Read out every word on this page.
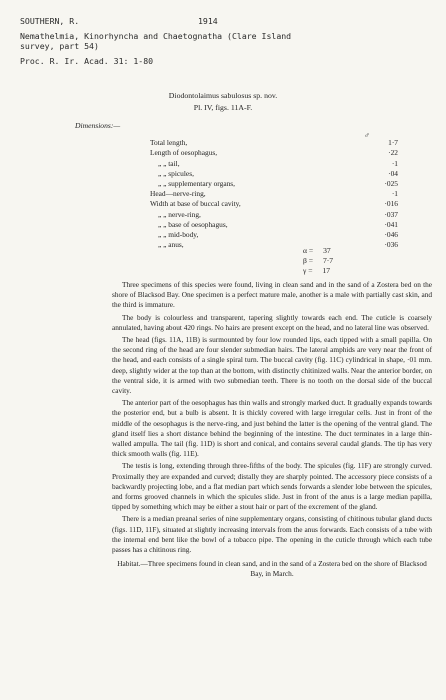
SOUTHERN, R.	1914
Nemathelmia, Kinorhyncha and Chaetognatha (Clare Island
survey, part 54)
Proc. R. Ir. Acad. 31: 1-80
Diodontolaimus sabulosus sp. nov.
Pl. IV, figs. 11A-F.
Dimensions:—
♂

Total length,	1·7
Length of oesophagus,	·22
„ „ tail,	·1
„ „ spicules,	·04
„ „ supplementary organs,	·025
Head—nerve-ring,	·1
Width at base of buccal cavity,	·016
„ „ nerve-ring,	·037
„ „ base of oesophagus,	·041
„ „ mid-body,	·046
„ „ anus,	·036
α = 37
β = 7·7
γ = 17

Three specimens of this species were found, living in clean sand and in the sand of a Zostera bed on the shore of Blacksod Bay. One specimen is a perfect mature male, another is a male with partially cast skin, and the third is immature.

The body is colourless and transparent, tapering slightly towards each end. The cuticle is coarsely annulated, having about 420 rings. No hairs are present except on the head, and no lateral line was observed.

The head (figs. 11A, 11B) is surmounted by four low rounded lips, each tipped with a small papilla. On the second ring of the head are four slender submedian hairs. The lateral amphids are very near the front of the head, and each consists of a single spiral turn. The buccal cavity (fig. 11C) cylindrical in shape, ·01 mm. deep, slightly wider at the top than at the bottom, with distinctly chitinized walls. Near the anterior border, on the ventral side, it is armed with two submedian teeth. There is no tooth on the dorsal side of the buccal cavity.

The anterior part of the oesophagus has thin walls and strongly marked duct. It gradually expands towards the posterior end, but a bulb is absent. It is thickly covered with large irregular cells. Just in front of the middle of the oesophagus is the nerve-ring, and just behind the latter is the opening of the ventral gland. The gland itself lies a short distance behind the beginning of the intestine. The duct terminates in a large thin-walled ampulla. The tail (fig. 11D) is short and conical, and contains several caudal glands. The tip has very thick smooth walls (fig. 11E).

The testis is long, extending through three-fifths of the body. The spicules (fig. 11F) are strongly curved. Proximally they are expanded and curved; distally they are sharply pointed. The accessory piece consists of a backwardly projecting lobe, and a flat median part which sends forwards a slender lobe between the spicules, and forms grooved channels in which the spicules slide. Just in front of the anus is a large median papilla, tipped by something which may be either a stout hair or part of the excrement of the gland.

There is a median preanal series of nine supplementary organs, consisting of chitinous tubular gland ducts (figs. 11D, 11F), situated at slightly increasing intervals from the anus forwards. Each consists of a tube with the internal end bent like the bowl of a tobacco pipe. The opening in the cuticle through which each tube passes has a chitinous ring.

Habitat.—Three specimens found in clean sand, and in the sand of a Zostera bed on the shore of Blacksod Bay, in March.
